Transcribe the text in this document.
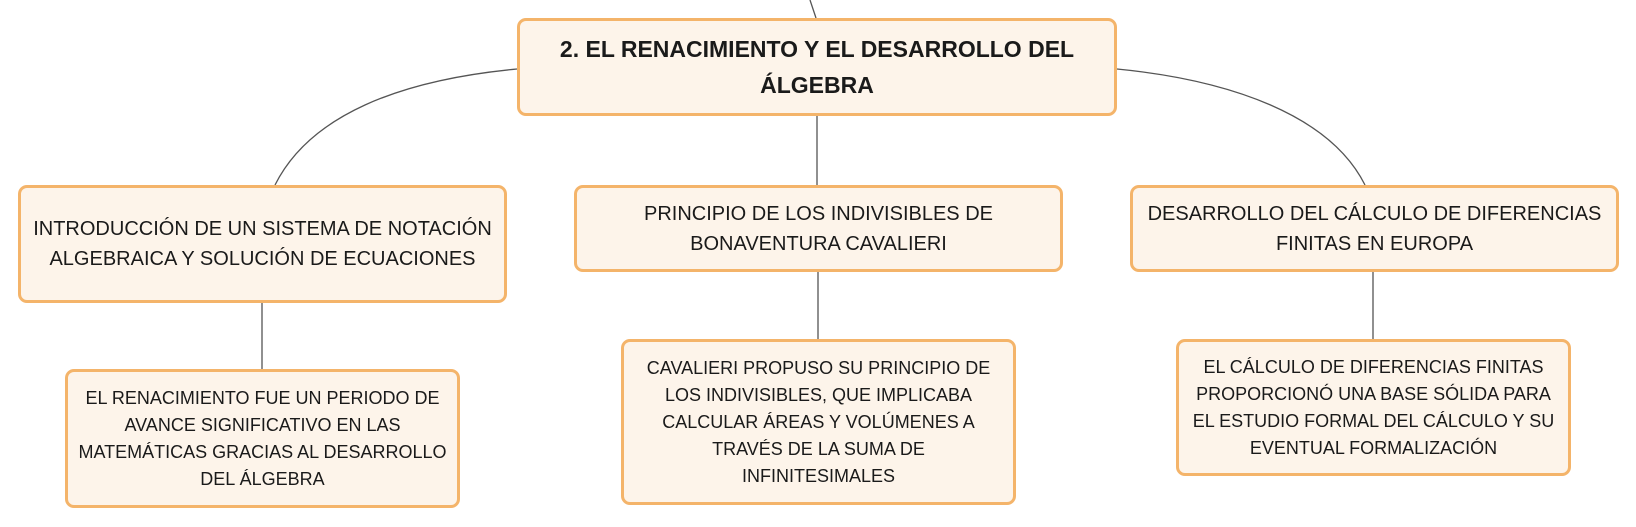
2. EL RENACIMIENTO Y EL DESARROLLO DEL ÁLGEBRA
INTRODUCCIÓN DE UN SISTEMA DE NOTACIÓN ALGEBRAICA Y SOLUCIÓN DE ECUACIONES
PRINCIPIO DE LOS INDIVISIBLES DE BONAVENTURA CAVALIERI
DESARROLLO DEL CÁLCULO DE DIFERENCIAS FINITAS EN EUROPA
EL RENACIMIENTO FUE UN PERIODO DE AVANCE SIGNIFICATIVO EN LAS MATEMÁTICAS GRACIAS AL DESARROLLO DEL ÁLGEBRA
CAVALIERI PROPUSO SU PRINCIPIO DE LOS INDIVISIBLES, QUE IMPLICABA CALCULAR ÁREAS Y VOLÚMENES A TRAVÉS DE LA SUMA DE INFINITESIMALES
EL CÁLCULO DE DIFERENCIAS FINITAS PROPORCIONÓ UNA BASE SÓLIDA PARA EL ESTUDIO FORMAL DEL CÁLCULO Y SU EVENTUAL FORMALIZACIÓN
